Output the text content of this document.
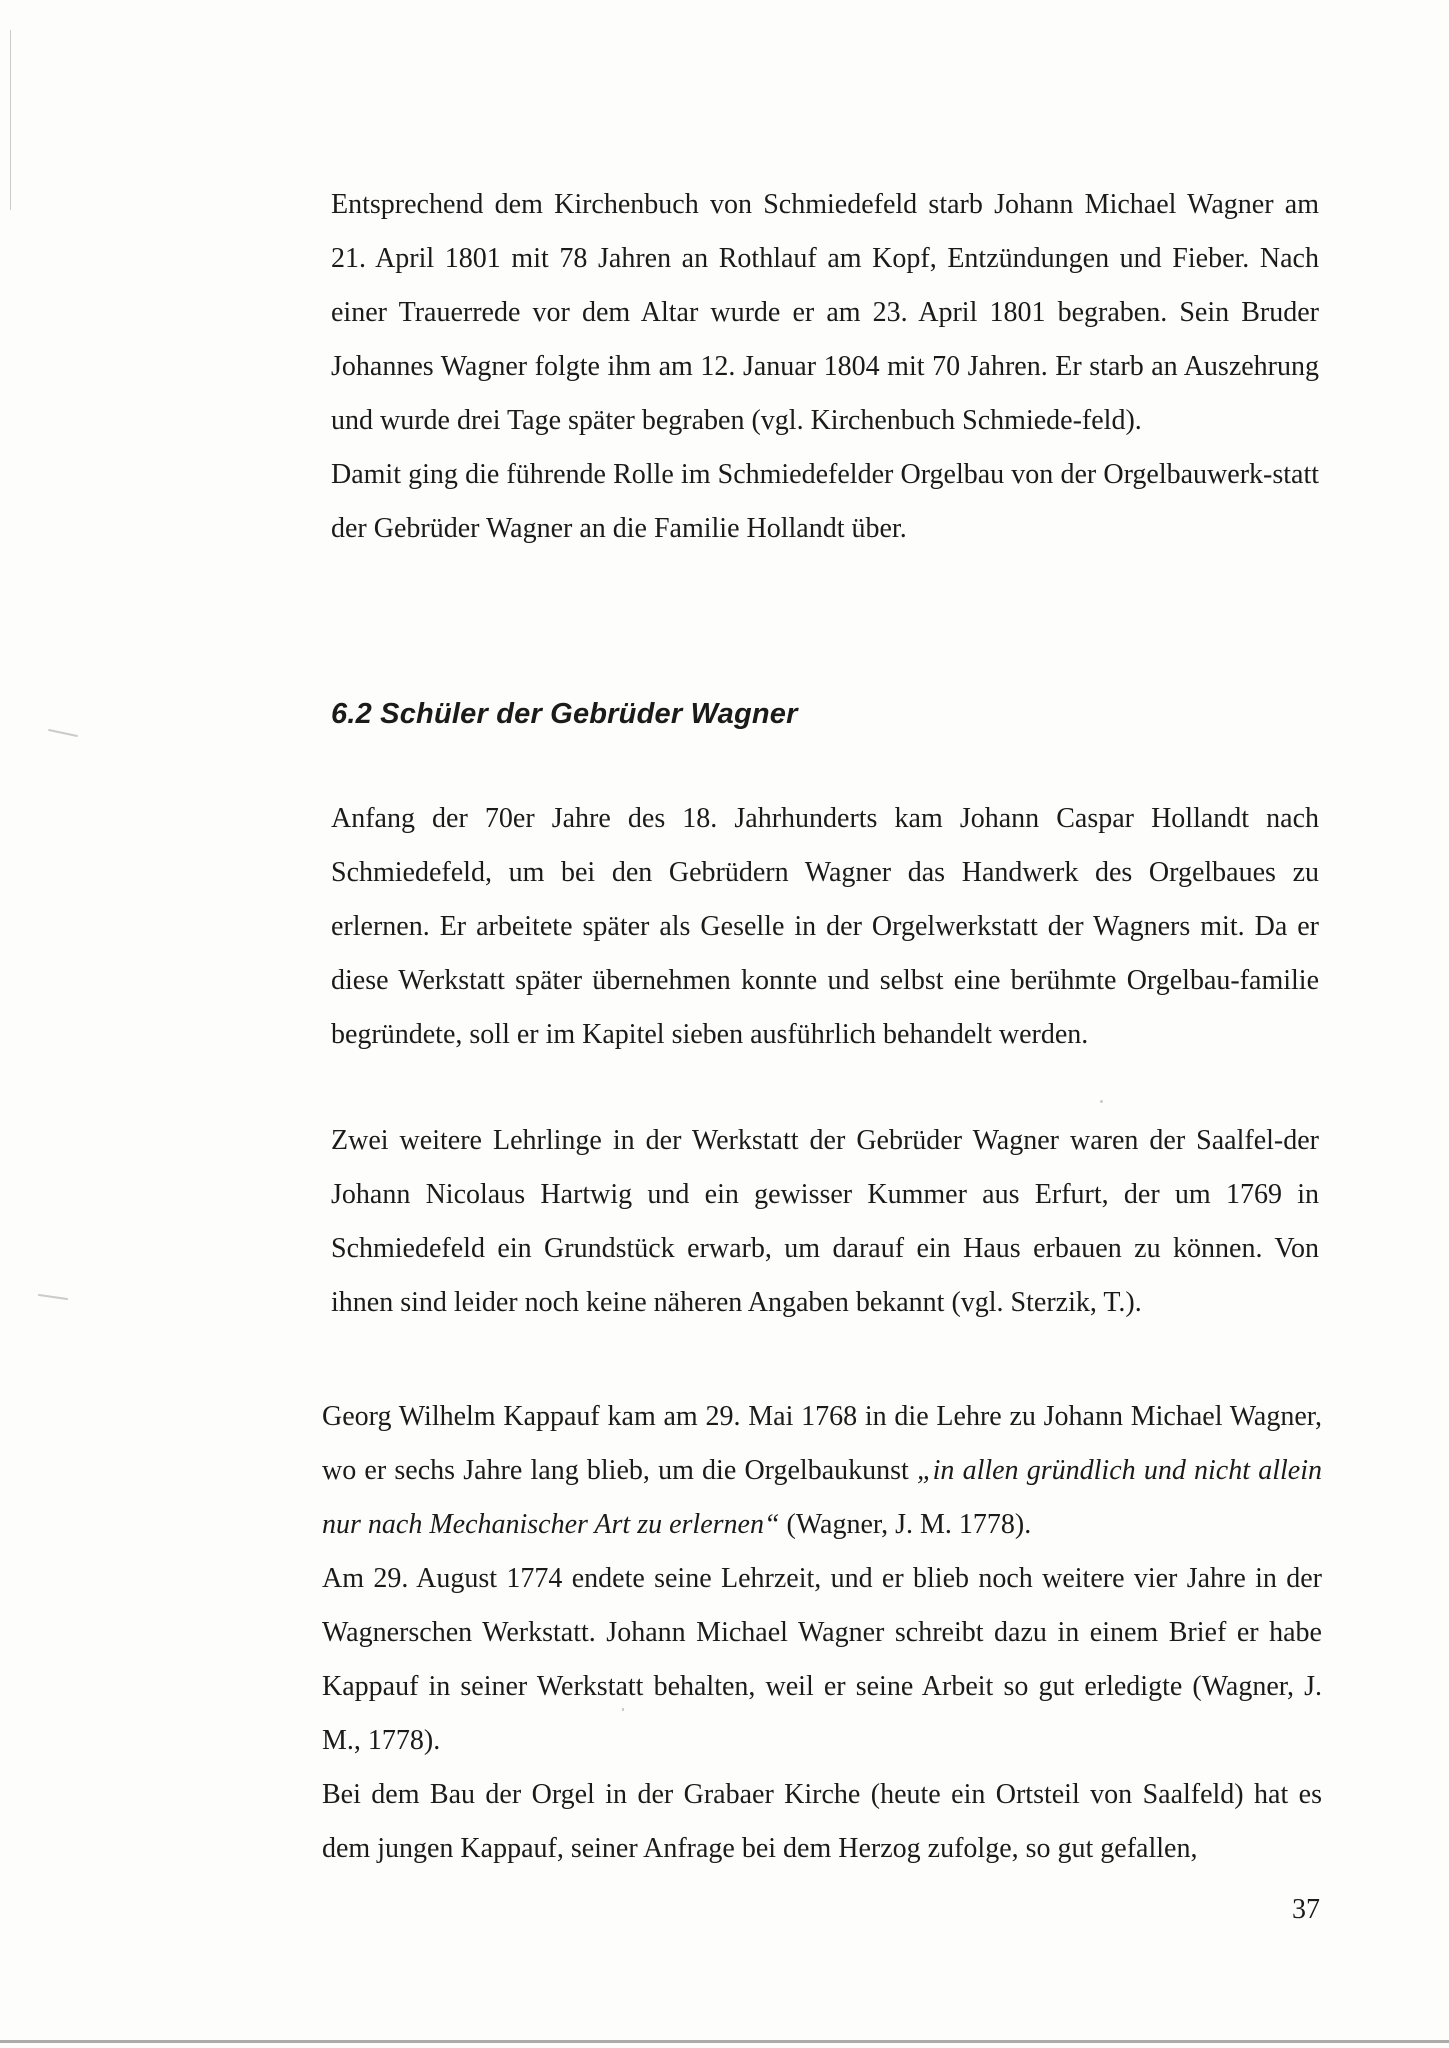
Entsprechend dem Kirchenbuch von Schmiedefeld starb Johann Michael Wagner am 21. April 1801 mit 78 Jahren an Rothlauf am Kopf, Entzündungen und Fieber. Nach einer Trauerrede vor dem Altar wurde er am 23. April 1801 begraben. Sein Bruder Johannes Wagner folgte ihm am 12. Januar 1804 mit 70 Jahren. Er starb an Auszehrung und wurde drei Tage später begraben (vgl. Kirchenbuch Schmiede-feld).

Damit ging die führende Rolle im Schmiedefelder Orgelbau von der Orgelbauwerk-statt der Gebrüder Wagner an die Familie Hollandt über.

6.2 Schüler der Gebrüder Wagner

Anfang der 70er Jahre des 18. Jahrhunderts kam Johann Caspar Hollandt nach Schmiedefeld, um bei den Gebrüdern Wagner das Handwerk des Orgelbaues zu erlernen. Er arbeitete später als Geselle in der Orgelwerkstatt der Wagners mit. Da er diese Werkstatt später übernehmen konnte und selbst eine berühmte Orgelbau-familie begründete, soll er im Kapitel sieben ausführlich behandelt werden.

Zwei weitere Lehrlinge in der Werkstatt der Gebrüder Wagner waren der Saalfel-der Johann Nicolaus Hartwig und ein gewisser Kummer aus Erfurt, der um 1769 in Schmiedefeld ein Grundstück erwarb, um darauf ein Haus erbauen zu können. Von ihnen sind leider noch keine näheren Angaben bekannt (vgl. Sterzik, T.).

Georg Wilhelm Kappauf kam am 29. Mai 1768 in die Lehre zu Johann Michael Wagner, wo er sechs Jahre lang blieb, um die Orgelbaukunst „in allen gründlich und nicht allein nur nach Mechanischer Art zu erlernen“ (Wagner, J. M. 1778).

Am 29. August 1774 endete seine Lehrzeit, und er blieb noch weitere vier Jahre in der Wagnerschen Werkstatt. Johann Michael Wagner schreibt dazu in einem Brief er habe Kappauf in seiner Werkstatt behalten, weil er seine Arbeit so gut erledigte (Wagner, J. M., 1778).

Bei dem Bau der Orgel in der Grabaer Kirche (heute ein Ortsteil von Saalfeld) hat es dem jungen Kappauf, seiner Anfrage bei dem Herzog zufolge, so gut gefallen,

37
